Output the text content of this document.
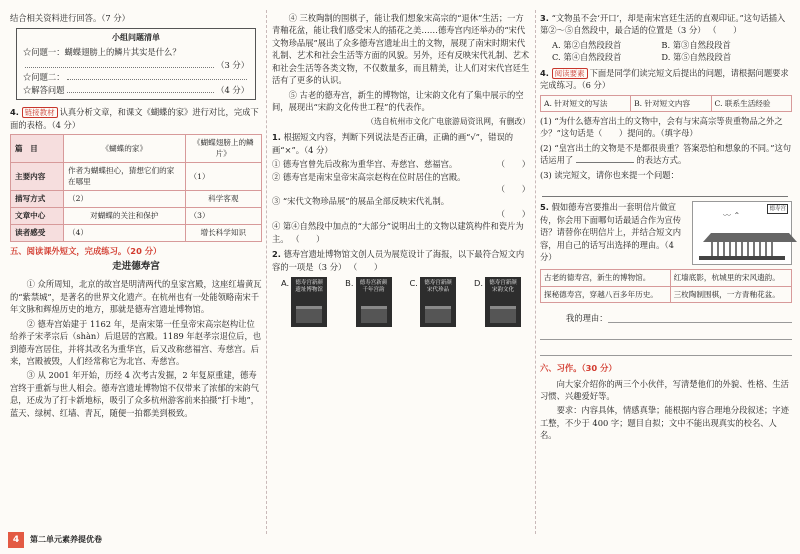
结合相关资料进行回答。（7 分）

小组问题清单
☆问题一：蝴蝶翅膀上的鳞片其实是什么？
（3 分）
☆问题二：
☆解答问题	（4 分）

4. 链接教材 认真分析文章，和课文《蝴蝶的家》进行对比，完成下面的表格。（4 分）

篇　目	《蝴蝶的家》	《蝴蝶翅膀上的鳞片》
主要内容	作者为蝴蝶担心，猜想它们的家在哪里	（1）
描写方式	（2）	科学客观
文章中心	对蝴蝶的关注和保护	（3）
读者感受	（4）	增长科学知识
五、阅读课外短文，完成练习。（20 分）
走进德寿宫

① 众所周知，北京的故宫是明清两代的皇家宫殿，这座红墙黄瓦的“紫禁城”，是著名的世界文化遗产。在杭州也有一处能领略南宋千年文脉和辉煌历史的地方，那就是德寿宫遗址博物馆。

② 德寿宫始建于 1162 年，是南宋第一任皇帝宋高宗赵构让位给养子宋孝宗后（shàn）后退居的宫殿。1189 年赵孝宗退位后，也到德寿宫居住，并将其改名为重华宫，后又改称慈福宫、寿慈宫。后来，宫殿被毁，人们经常称它为北宫、寿慈宫。

③ 从 2001 年开始，历经 4 次考古发掘，2 年复原重建，德寿宫终于重新与世人相会。德寿宫遗址博物馆不仅带来了浓郁的宋韵气息，还成为了打卡新地标，吸引了众多杭州游客前来拍摄“打卡地”，蓝天、绿树、红墙、青瓦，随便一拍都美到极致。

④ 三枚陶制的围棋子，能让我们想象宋高宗的“退休”生活；一方青釉花盆，能让我们感受宋人的插花之美……德寿宫内还举办的“宋代文物珍品展”展出了众多德寿宫遗址出土的文物，展现了南宋时期宋代礼制、艺术和社会生活等方面的风貌。另外，还有反映宋代礼制、艺术和社会生活等各类文物，不仅数量多，而且精美，让人们对宋代宫廷生活有了更多的认识。

⑤ 古老的德寿宫，新生的博物馆，让宋韵文化有了集中展示的空间，展现出“宋韵文化传世工程”的代表作。

（选自杭州市文化广电旅游局资讯网，有删改）

1. 根据短文内容，判断下列说法是否正确，正确的画“√”，错误的画“×”。（4 分）

① 德寿宫曾先后改称为重华宫、寿慈宫、慈福宫。	（　　）
② 德寿宫是南宋皇帝宋高宗赵构在位时居住的宫殿。
（　　）
③ “宋代文物珍品展”的展品全部反映宋代礼制。
（　　）
④ 第④自然段中加点的“大部分”说明出土的文物以建筑构件和瓷片为主。 （　　）

2. 德寿宫遗址博物馆文创人员为展览设计了海报，以下最符合短文内容的一项是（3 分） （　　）

A.	德寿宫新颜
遗址博物馆
B.	德寿宫新颜
千年宫韵
C.	德寿宫新颜
宋代珍品
D.	德寿宫新颜
宋韵文化

3. “文物虽不会‘开口’，却是南宋宫廷生活的直观印证。”这句话插入第②～⑤自然段中，最合适的位置是（3 分） （　　）

A. 第②自然段段首	B. 第③自然段段首
C. 第④自然段段首	D. 第⑤自然段段首

4. 阅读要素 下面是同学们读完短文后提出的问题，请根据问题要求完成练习。（6 分）

A. 针对短文的写法	B. 针对短文内容	C. 联系生活经验

(1) “为什么德寿宫出土的文物中，会有与宋高宗等贵重物品之外之少？”这句话是（　　）提问的。（填字母）

(2) “皇宫出土的文物是不是都很贵重？答案恐怕和想象的不同。”这句话运用了	的表达方式。

(3) 读完短文，请你也来提一个问题：

5. 假如德寿宫要推出一套明信片做宣传，你会用下面哪句话最适合作为宣传语？请替你在明信片上，并结合短文内容，用自己的话写出选择的理由。（4 分）

德寿宫
〰︎ ⌃
古老的德寿宫，新生的博物馆。	红墙底影，杭城里的宋风遗韵。
探秘德寿宫，穿越八百多年历史。	三枚陶制围棋，一方青釉花盆。
我的理由：
六、习作。（30 分）

向大家介绍你的两三个小伙伴，写清楚他们的外貌、性格、生活习惯、兴趣爱好等。

要求：内容具体，情感真挚；能根据内容合理地分段叙述；字迹工整，不少于 400 字；题目自拟；文中不能出现真实的校名、人名。

4	第二单元素养提优卷
